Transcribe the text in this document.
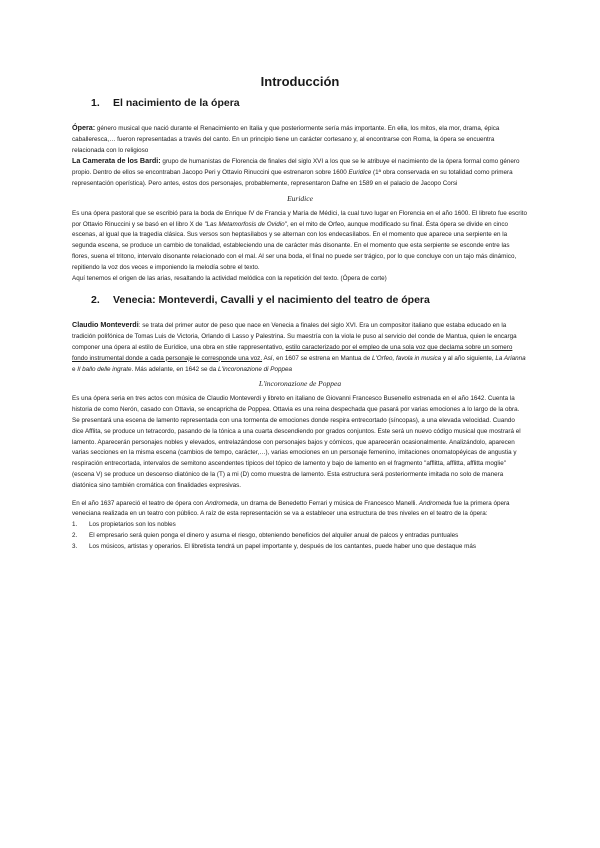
Introducción
1. El nacimiento de la ópera

Ópera: género musical que nació durante el Renacimiento en Italia y que posteriormente sería más importante. En ella, los mitos, ela mor, drama, épica caballeresca,… fueron representadas a través del canto. En un principio tiene un carácter cortesano y, al encontrarse con Roma, la ópera se encuentra relacionada con lo religioso

La Camerata de los Bardi: grupo de humanistas de Florencia de finales del siglo XVI a los que se le atribuye el nacimiento de la ópera formal como género propio. Dentro de ellos se encontraban Jacopo Peri y Ottavio Rinuccini que estrenaron sobre 1600 Euridice (1ª obra conservada en su totalidad como primera representación operística). Pero antes, estos dos personajes, probablemente, representaron Dafne en 1589 en el palacio de Jacopo Corsi

Euridice

Es una ópera pastoral que se escribió para la boda de Enrique IV de Francia y María de Médici, la cual tuvo lugar en Florencia en el año 1600. El libreto fue escrito por Ottavio Rinuccini y se basó en el libro X de "Las Metamorfosis de Ovidio", en el mito de Orfeo, aunque modificado su final. Ésta ópera se divide en cinco escenas, al igual que la tragedia clásica. Sus versos son heptasílabos y se alternan con los endecasílabos. En el momento que aparece una serpiente en la segunda escena, se produce un cambio de tonalidad, estableciendo una de carácter más disonante. En el momento que esta serpiente se esconde entre las flores, suena el tritono, intervalo disonante relacionado con el mal. Al ser una boda, el final no puede ser trágico, por lo que concluye con un tajo más dinámico, repitiendo la voz dos veces e imponiendo la melodía sobre el texto.

Aquí tenemos el origen de las arias, resaltando la actividad melódica con la repetición del texto. (Ópera de corte)

2. Venecia: Monteverdi, Cavalli y el nacimiento del teatro de ópera

Claudio Monteverdi: se trata del primer autor de peso que nace en Venecia a finales del siglo XVI. Era un compositor italiano que estaba educado en la tradición polifónica de Tomas Luis de Victoria, Orlando di Lasso y Palestrina. Su maestría con la viola le puso al servicio del conde de Mantua, quien le encarga componer una ópera al estilo de Eurídice, una obra en stile rappresentativo, estilo caracterizado por el empleo de una sola voz que declama sobre un somero fondo instrumental donde a cada personaje le corresponde una voz. Así, en 1607 se estrena en Mantua de L'Orfeo, favola in musica y al año siguiente, La Arianna e Il ballo delle ingrate. Más adelante, en 1642 se da L'incoronazione di Poppea

L'incoronazione de Poppea

Es una ópera seria en tres actos con música de Claudio Monteverdi y libreto en italiano de Giovanni Francesco Busenello estrenada en el año 1642. Cuenta la historia de como Nerón, casado con Ottavia, se encapricha de Poppea. Ottavia es una reina despechada que pasará por varias emociones a lo largo de la obra. Se presentará una escena de lamento representada con una tormenta de emociones donde respira entrecortado (síncopas), a una elevada velocidad. Cuando dice Afflita, se produce un tetracordo, pasando de la tónica a una cuarta descendiendo por grados conjuntos. Este será un nuevo código musical que mostrará el lamento. Aparecerán personajes nobles y elevados, entrelazándose con personajes bajos y cómicos, que aparecerán ocasionalmente. Analizándolo, aparecen varias secciones en la misma escena (cambios de tempo, carácter,…), varias emociones en un personaje femenino, imitaciones onomatopéyicas de angustia y respiración entrecortada, intervalos de semitono ascendentes típicos del tópico de lamento y bajo de lamento en el fragmento "afflitta, afflitta, afflitta moglie" (escena V) se produce un descenso diatónico de la (T) a mi (D) como muestra de lamento. Esta estructura será posteriormente imitada no solo de manera diatónica sino también cromática con finalidades expresivas.

En el año 1637 apareció el teatro de ópera con Andromeda, un drama de Benedetto Ferrari y música de Francesco Manelli. Andromeda fue la primera ópera veneciana realizada en un teatro con público. A raíz de esta representación se va a establecer una estructura de tres niveles en el teatro de la ópera:

1. Los propietarios son los nobles
2. El empresario será quien ponga el dinero y asuma el riesgo, obteniendo beneficios del alquiler anual de palcos y entradas puntuales
3. Los músicos, artistas y operarios. El libretista tendrá un papel importante y, después de los cantantes, puede haber uno que destaque más
